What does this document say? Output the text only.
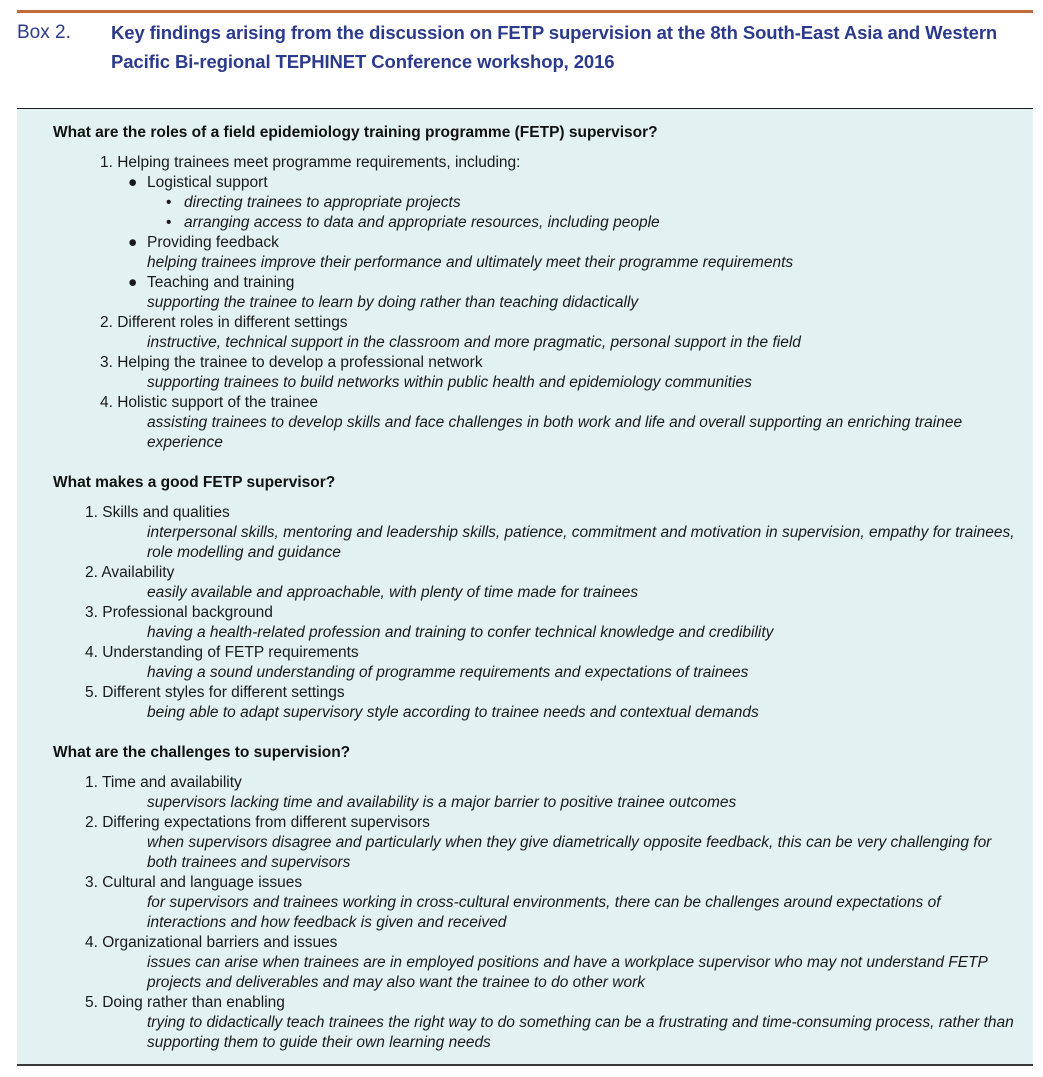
Box 2.	Key findings arising from the discussion on FETP supervision at the 8th South-East Asia and Western Pacific Bi-regional TEPHINET Conference workshop, 2016
What are the roles of a field epidemiology training programme (FETP) supervisor?
1. Helping trainees meet programme requirements, including:
● Logistical support
• directing trainees to appropriate projects
• arranging access to data and appropriate resources, including people
● Providing feedback
helping trainees improve their performance and ultimately meet their programme requirements
● Teaching and training
supporting the trainee to learn by doing rather than teaching didactically
2. Different roles in different settings
instructive, technical support in the classroom and more pragmatic, personal support in the field
3. Helping the trainee to develop a professional network
supporting trainees to build networks within public health and epidemiology communities
4. Holistic support of the trainee
assisting trainees to develop skills and face challenges in both work and life and overall supporting an enriching trainee experience
What makes a good FETP supervisor?
1. Skills and qualities
interpersonal skills, mentoring and leadership skills, patience, commitment and motivation in supervision, empathy for trainees, role modelling and guidance
2. Availability
easily available and approachable, with plenty of time made for trainees
3. Professional background
having a health-related profession and training to confer technical knowledge and credibility
4. Understanding of FETP requirements
having a sound understanding of programme requirements and expectations of trainees
5. Different styles for different settings
being able to adapt supervisory style according to trainee needs and contextual demands
What are the challenges to supervision?
1. Time and availability
supervisors lacking time and availability is a major barrier to positive trainee outcomes
2. Differing expectations from different supervisors
when supervisors disagree and particularly when they give diametrically opposite feedback, this can be very challenging for both trainees and supervisors
3. Cultural and language issues
for supervisors and trainees working in cross-cultural environments, there can be challenges around expectations of interactions and how feedback is given and received
4. Organizational barriers and issues
issues can arise when trainees are in employed positions and have a workplace supervisor who may not understand FETP projects and deliverables and may also want the trainee to do other work
5. Doing rather than enabling
trying to didactically teach trainees the right way to do something can be a frustrating and time-consuming process, rather than supporting them to guide their own learning needs
